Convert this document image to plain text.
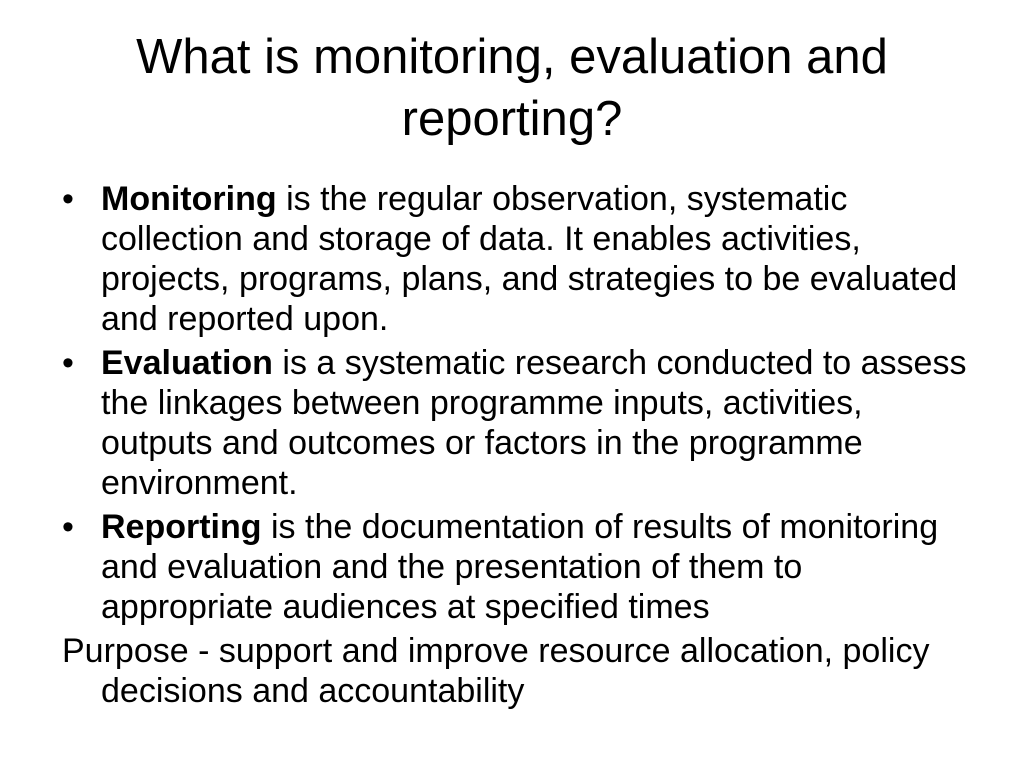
What is monitoring, evaluation and reporting?
• Monitoring is the regular observation, systematic collection and storage of data. It enables activities, projects, programs, plans, and strategies to be evaluated and reported upon.
• Evaluation is a systematic research conducted to assess the linkages between programme inputs, activities, outputs and outcomes or factors in the programme environment.
• Reporting is the documentation of results of monitoring and evaluation and the presentation of them to appropriate audiences at specified times
Purpose - support and improve resource allocation, policy decisions and accountability
